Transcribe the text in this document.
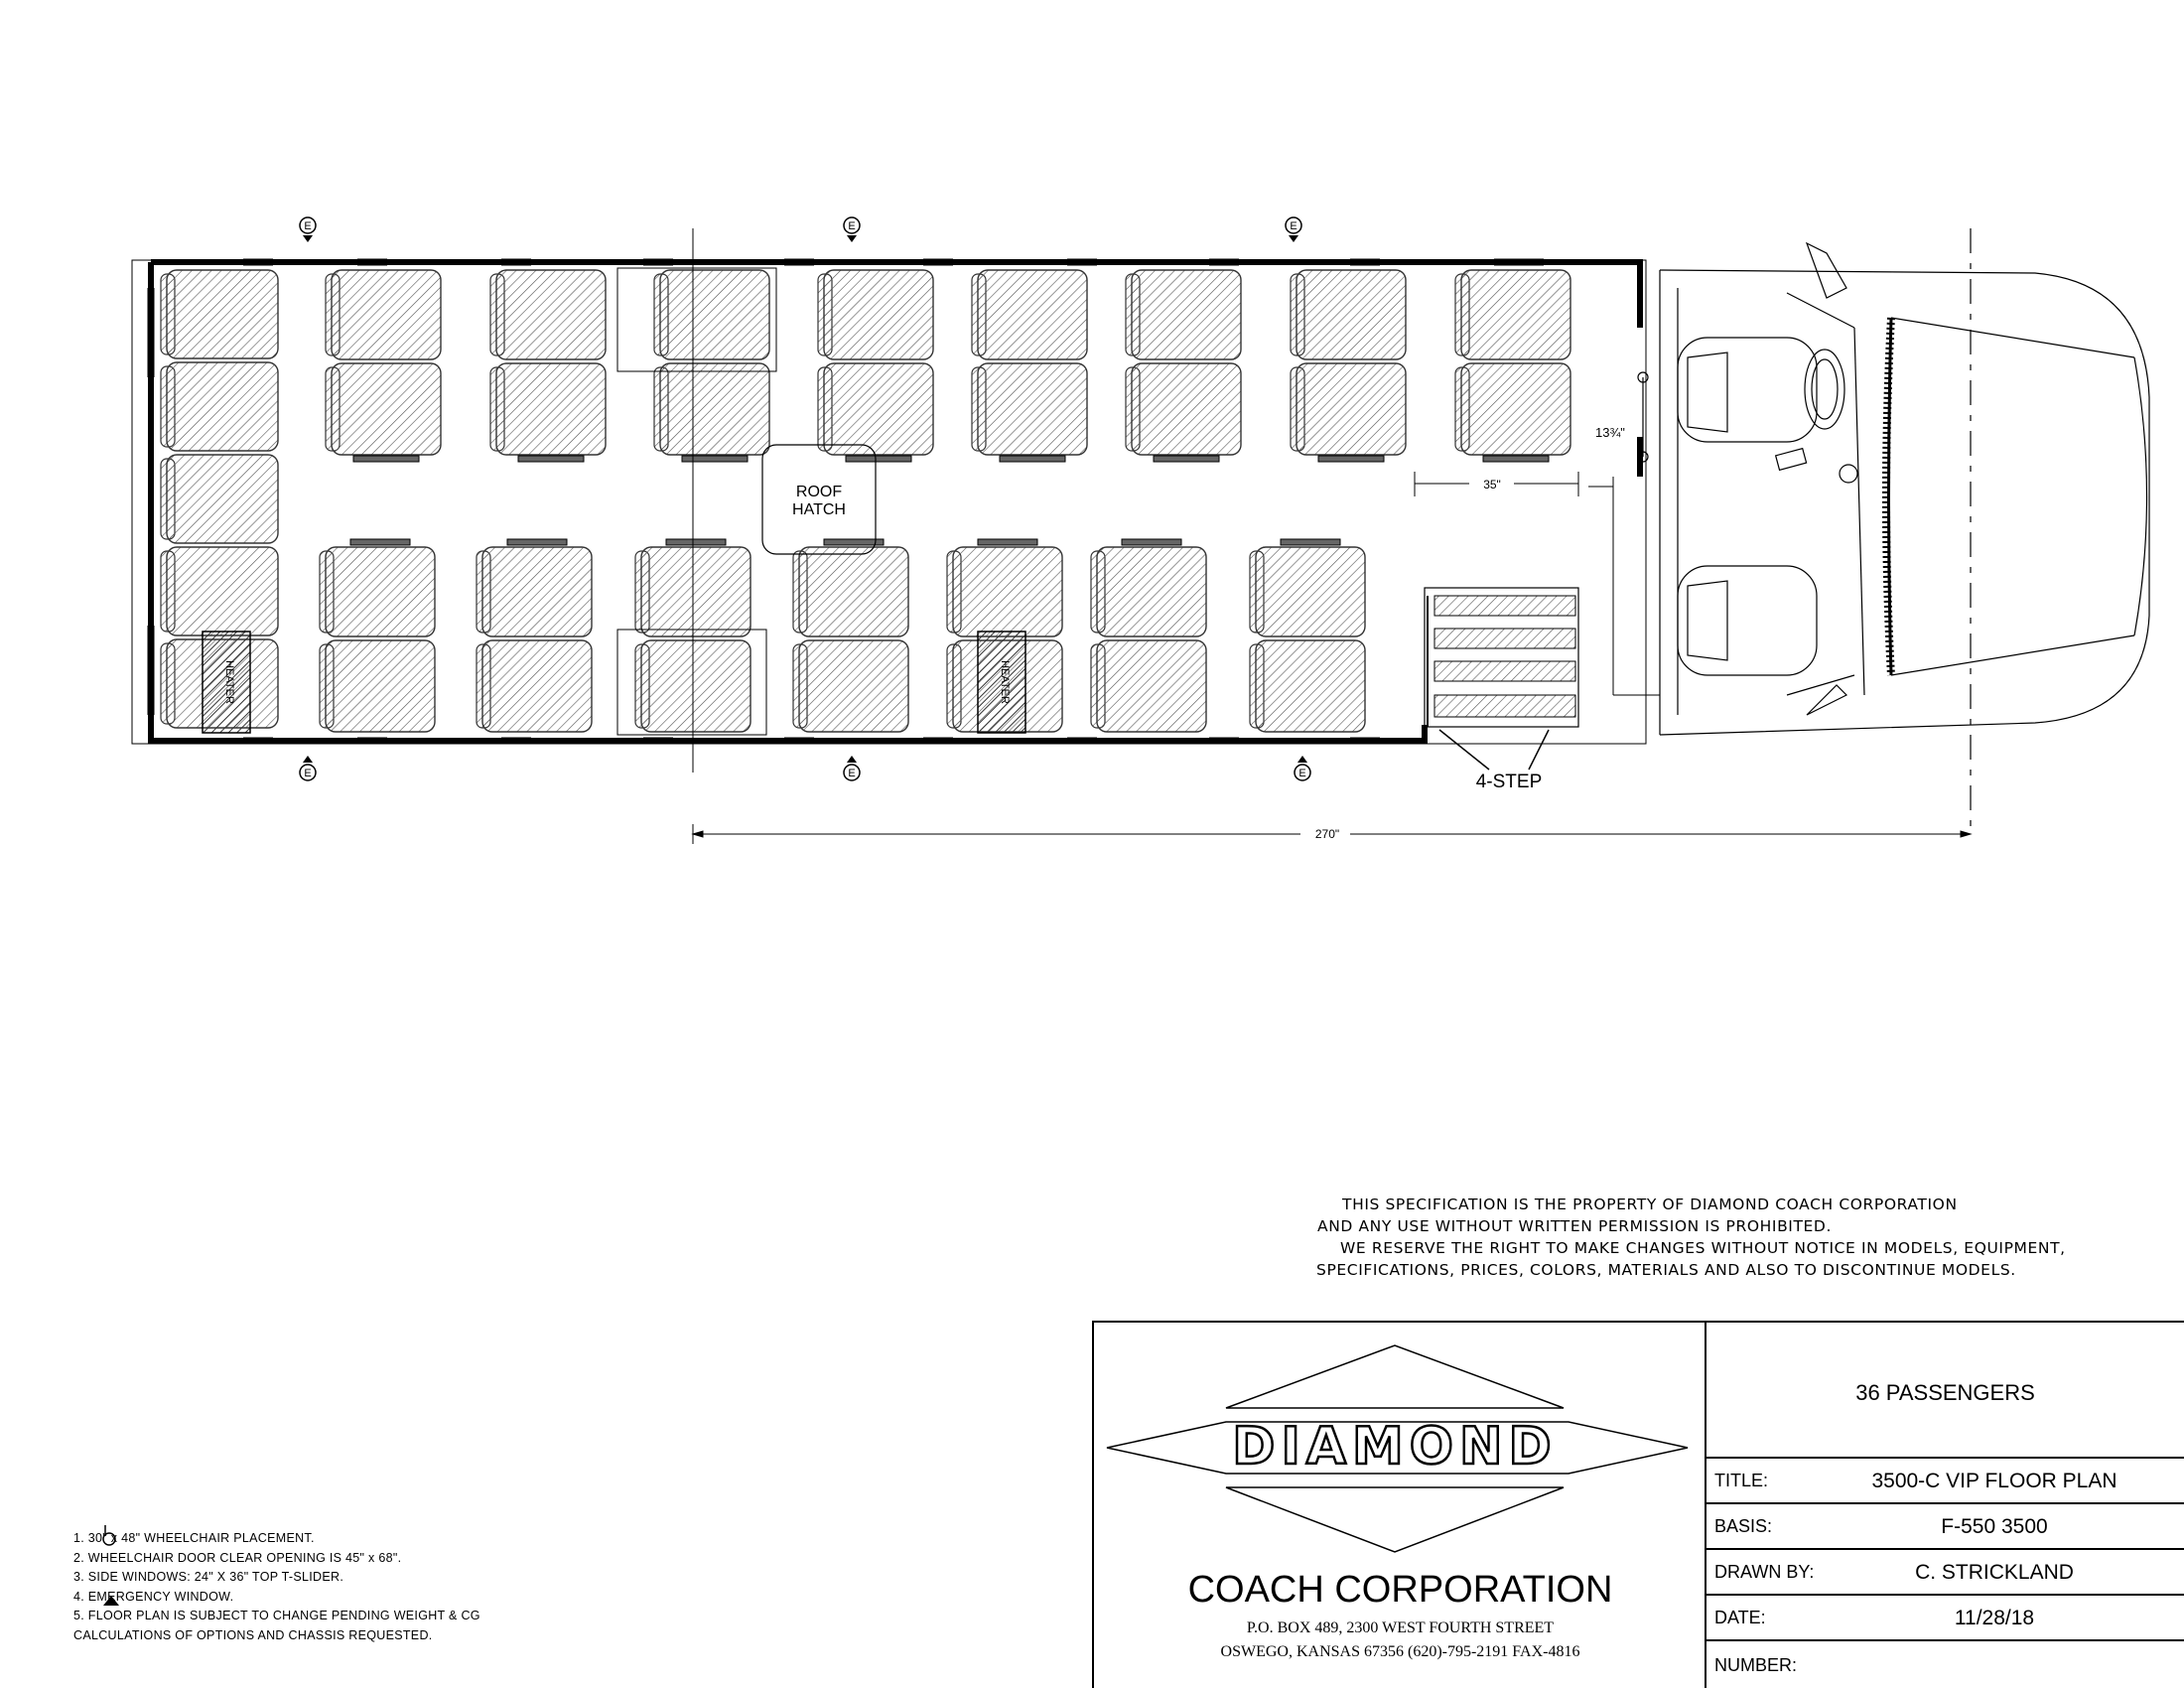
E	E	E
E	E	E
ROOF
HATCH
4-STEP
270"
35"
13¾"
HEATER	HEATER
DIAMOND
THIS SPECIFICATION IS THE PROPERTY OF DIAMOND COACH CORPORATION
AND ANY USE WITHOUT WRITTEN PERMISSION IS PROHIBITED.
WE RESERVE THE RIGHT TO MAKE CHANGES WITHOUT NOTICE IN MODELS, EQUIPMENT,
SPECIFICATIONS, PRICES, COLORS, MATERIALS AND ALSO TO DISCONTINUE MODELS.
1. 30" x 48" WHEELCHAIR PLACEMENT.
2. WHEELCHAIR DOOR CLEAR OPENING IS 45" x 68".
3. SIDE WINDOWS: 24" X 36" TOP T-SLIDER.
4. EMERGENCY WINDOW.
5. FLOOR PLAN IS SUBJECT TO CHANGE PENDING WEIGHT & CG
CALCULATIONS OF OPTIONS AND CHASSIS REQUESTED.
COACH CORPORATION
P.O. BOX 489, 2300 WEST FOURTH STREET
OSWEGO, KANSAS 67356 (620)-795-2191 FAX-4816
36 PASSENGERS
TITLE:	3500-C VIP FLOOR PLAN
BASIS:	F-550 3500
DRAWN BY:	C. STRICKLAND
DATE:	11/28/18
NUMBER:
